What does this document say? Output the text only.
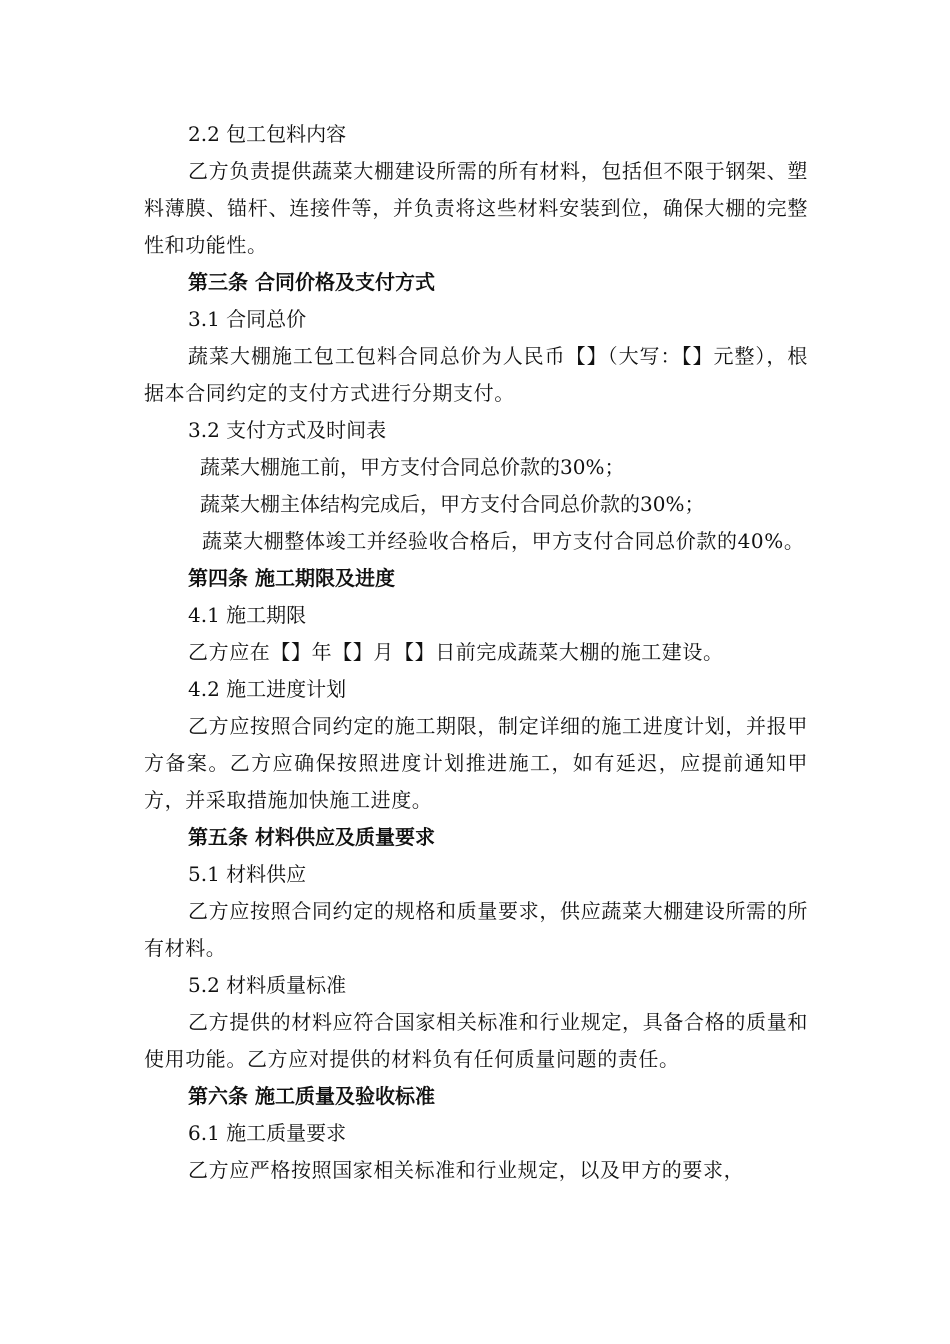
2.2 包工包料内容

乙方负责提供蔬菜大棚建设所需的所有材料，包括但不限于钢架、塑料薄膜、锚杆、连接件等，并负责将这些材料安装到位，确保大棚的完整性和功能性。

第三条 合同价格及支付方式
3.1 合同总价

蔬菜大棚施工包工包料合同总价为人民币【】（大写：【】元整），根据本合同约定的支付方式进行分期支付。

3.2 支付方式及时间表
蔬菜大棚施工前，甲方支付合同总价款的30%；
蔬菜大棚主体结构完成后，甲方支付合同总价款的30%；

蔬菜大棚整体竣工并经验收合格后，甲方支付合同总价款的40%。

第四条 施工期限及进度
4.1 施工期限

乙方应在【】年【】月【】日前完成蔬菜大棚的施工建设。

4.2 施工进度计划

乙方应按照合同约定的施工期限，制定详细的施工进度计划，并报甲方备案。乙方应确保按照进度计划推进施工，如有延迟，应提前通知甲方，并采取措施加快施工进度。

第五条 材料供应及质量要求
5.1 材料供应

乙方应按照合同约定的规格和质量要求，供应蔬菜大棚建设所需的所有材料。

5.2 材料质量标准

乙方提供的材料应符合国家相关标准和行业规定，具备合格的质量和使用功能。乙方应对提供的材料负有任何质量问题的责任。

第六条 施工质量及验收标准
6.1 施工质量要求

乙方应严格按照国家相关标准和行业规定，以及甲方的要求，
